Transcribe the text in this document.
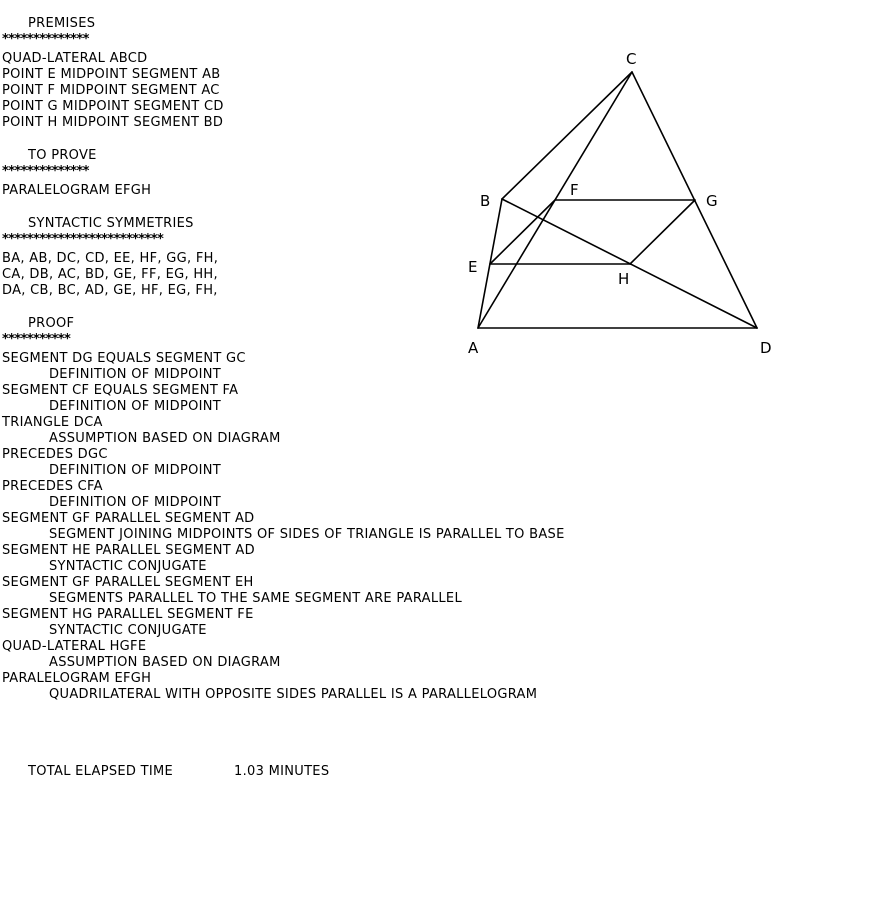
PREMISES
**************
QUAD-LATERAL ABCD
POINT E MIDPOINT SEGMENT AB
POINT F MIDPOINT SEGMENT AC
POINT G MIDPOINT SEGMENT CD
POINT H MIDPOINT SEGMENT BD
TO PROVE
**************
PARALELOGRAM EFGH
SYNTACTIC SYMMETRIES
**************************
BA, AB, DC, CD, EE, HF, GG, FH,
CA, DB, AC, BD, GE, FF, EG, HH,
DA, CB, BC, AD, GE, HF, EG, FH,
PROOF
***********
SEGMENT DG EQUALS SEGMENT GC
DEFINITION OF MIDPOINT
SEGMENT CF EQUALS SEGMENT FA
DEFINITION OF MIDPOINT
TRIANGLE DCA
ASSUMPTION BASED ON DIAGRAM
PRECEDES DGC
DEFINITION OF MIDPOINT
PRECEDES CFA
DEFINITION OF MIDPOINT
SEGMENT GF PARALLEL SEGMENT AD
SEGMENT JOINING MIDPOINTS OF SIDES OF TRIANGLE IS PARALLEL TO BASE
SEGMENT HE PARALLEL SEGMENT AD
SYNTACTIC CONJUGATE
SEGMENT GF PARALLEL SEGMENT EH
SEGMENTS PARALLEL TO THE SAME SEGMENT ARE PARALLEL
SEGMENT HG PARALLEL SEGMENT FE
SYNTACTIC CONJUGATE
QUAD-LATERAL HGFE
ASSUMPTION BASED ON DIAGRAM
PARALELOGRAM EFGH
QUADRILATERAL WITH OPPOSITE SIDES PARALLEL IS A PARALLELOGRAM
TOTAL ELAPSED TIME	1.03 MINUTES
A
B
C
D
E
F
G
H
